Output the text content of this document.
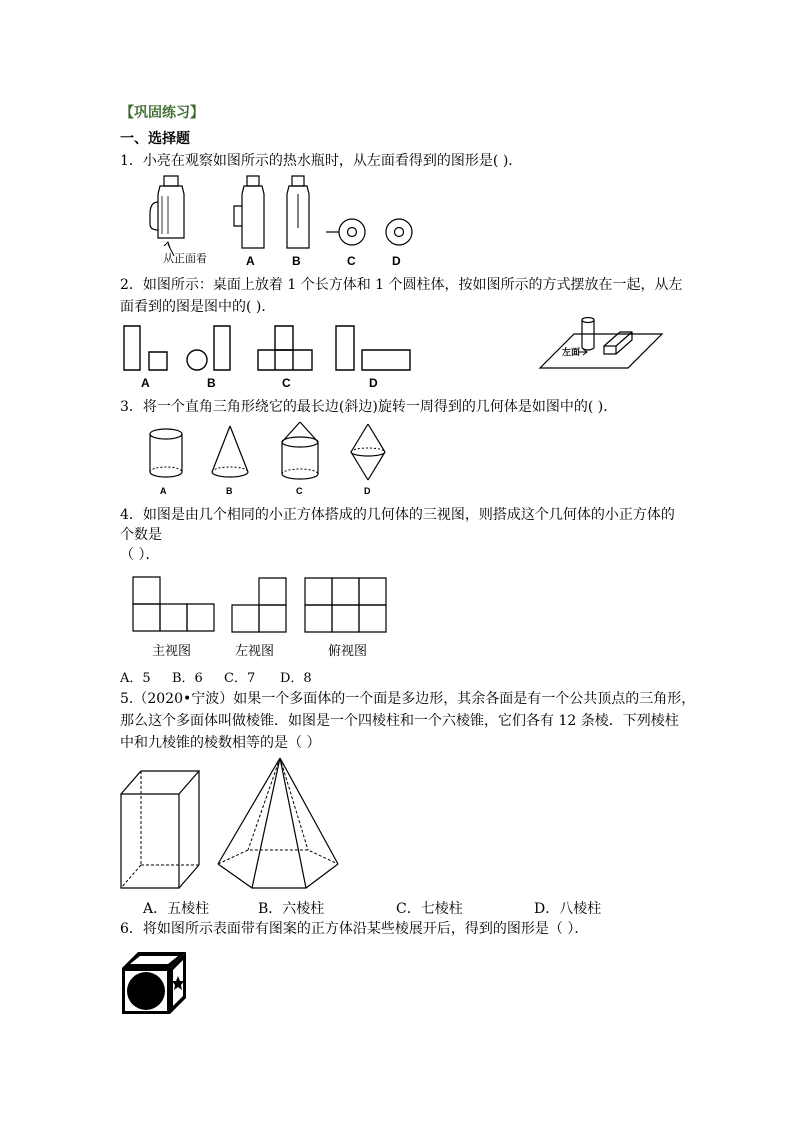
【巩固练习】
一、选择题
1．小亮在观察如图所示的热水瓶时，从左面看得到的图形是( )．
从正面看	A	B	C	D
2．如图所示：桌面上放着 1 个长方体和 1 个圆柱体，按如图所示的方式摆放在一起，从左
面看到的图是图中的( )．
A	B	C	D
左面
3．将一个直角三角形绕它的最长边(斜边)旋转一周得到的几何体是如图中的( )．
A	B	C	D
4．如图是由几个相同的小正方体搭成的几何体的三视图，则搭成这个几何体的小正方体的
个数是
（ ）．
主视图	左视图	俯视图
A．5 B．6 C．7 D．8
5.（2020•宁波）如果一个多面体的一个面是多边形，其余各面是有一个公共顶点的三角形，
那么这个多面体叫做棱锥．如图是一个四棱柱和一个六棱锥，它们各有 12 条棱．下列棱柱
中和九棱锥的棱数相等的是（ ）
A．五棱柱	B．六棱柱	C．七棱柱	D．八棱柱
6．将如图所示表面带有图案的正方体沿某些棱展开后，得到的图形是（ ）．
